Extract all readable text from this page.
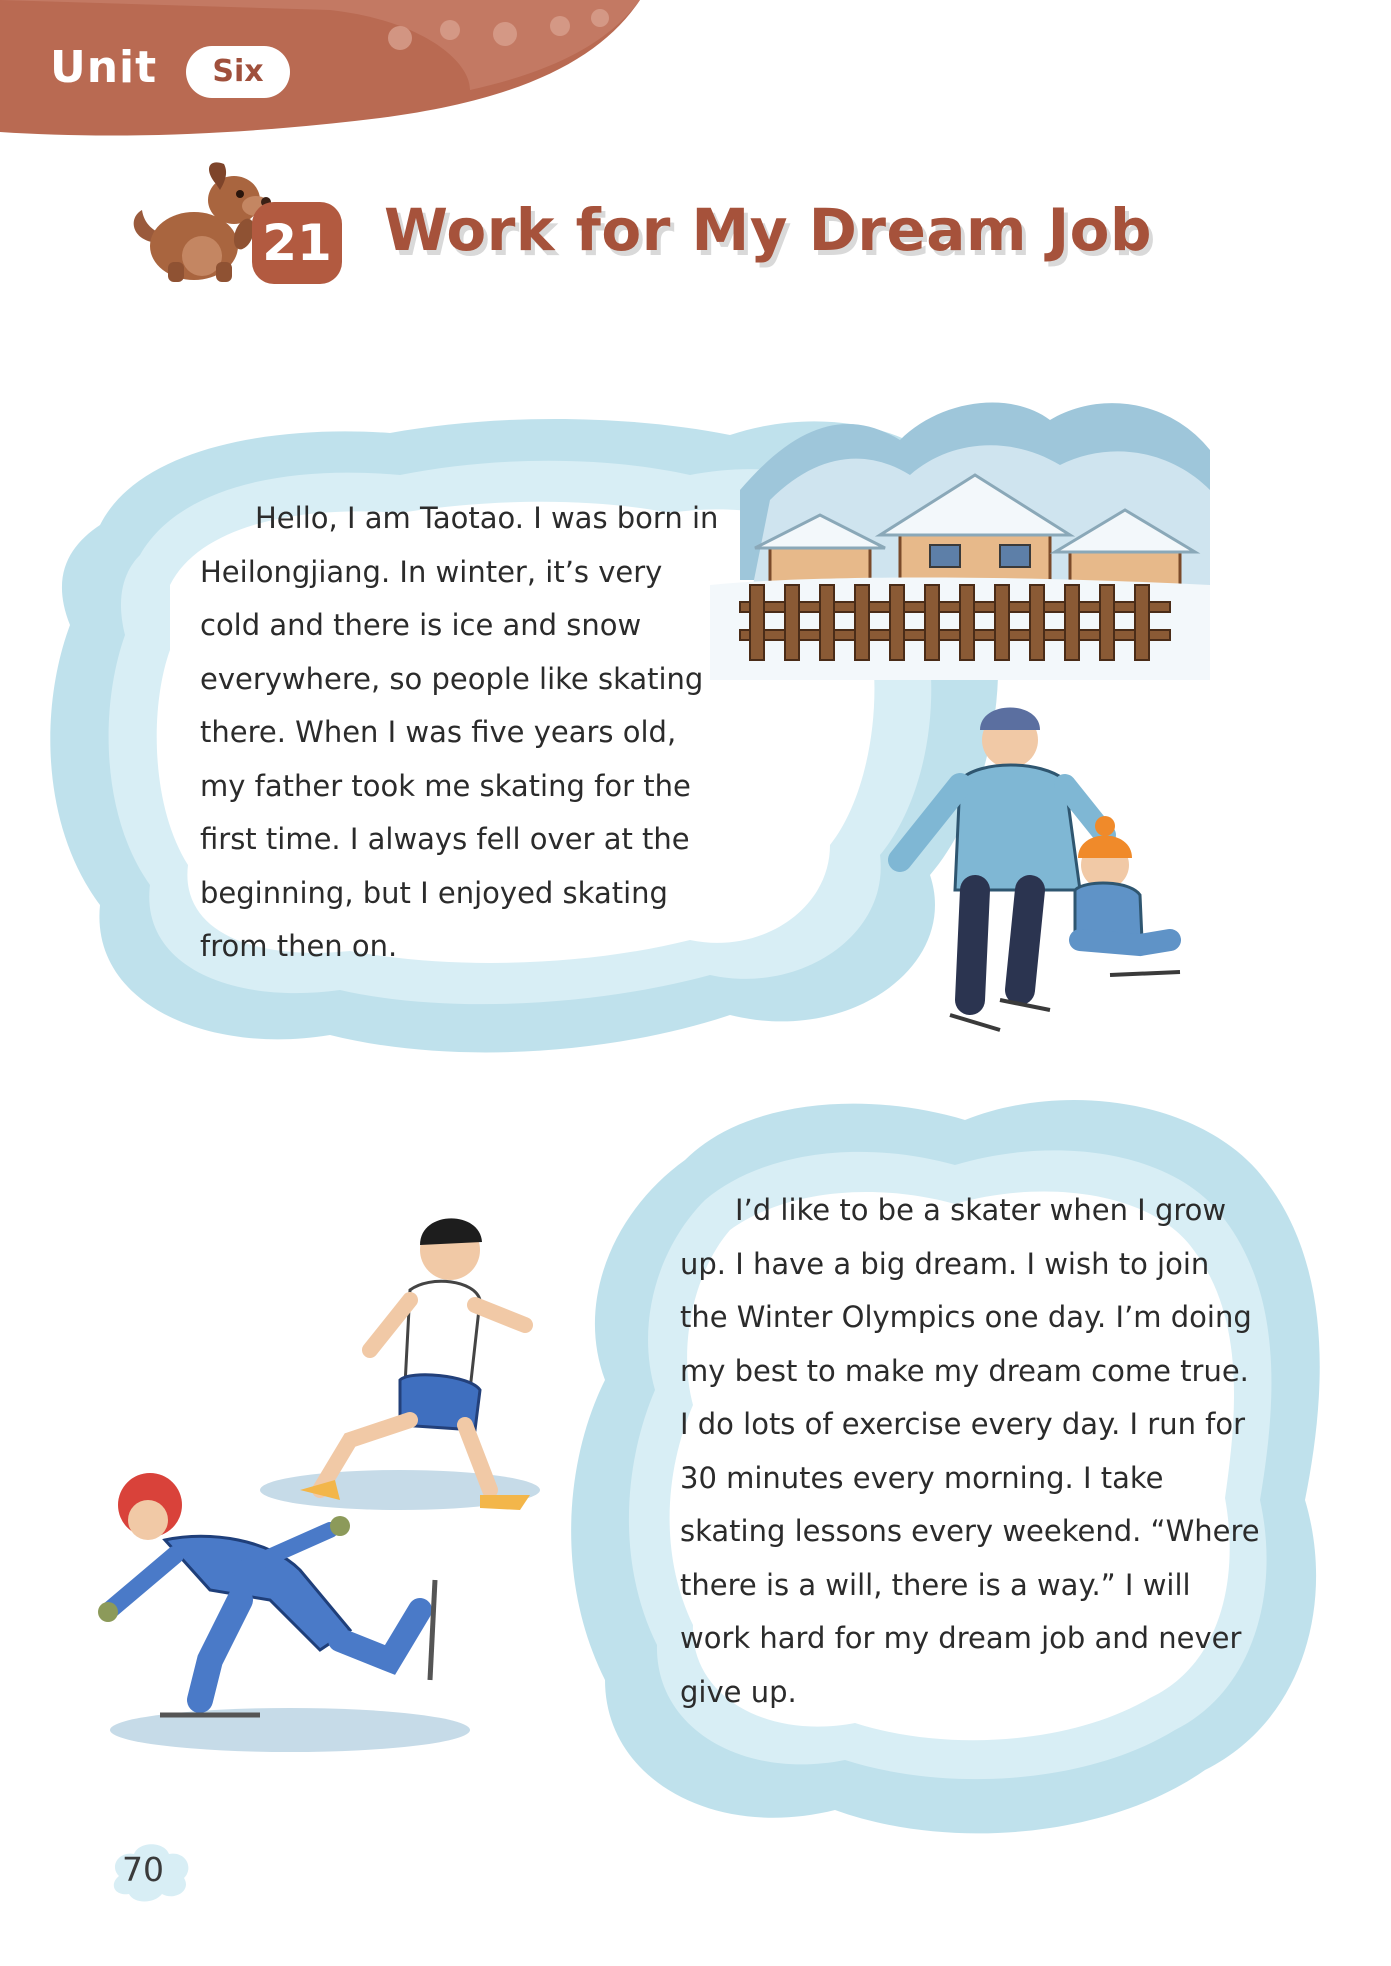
Unit	Six
21 Work for My Dream Job

Hello, I am Taotao. I was born in Heilongjiang. In winter, it’s very cold and there is ice and snow everywhere, so people like skating there. When I was five years old, my father took me skating for the first time. I always fell over at the beginning, but I enjoyed skating from then on.

I’d like to be a skater when I grow up. I have a big dream. I wish to join the Winter Olympics one day. I’m doing my best to make my dream come true. I do lots of exercise every day. I run for 30 minutes every morning. I take skating lessons every weekend. “Where there is a will, there is a way.” I will work hard for my dream job and never give up.

70
